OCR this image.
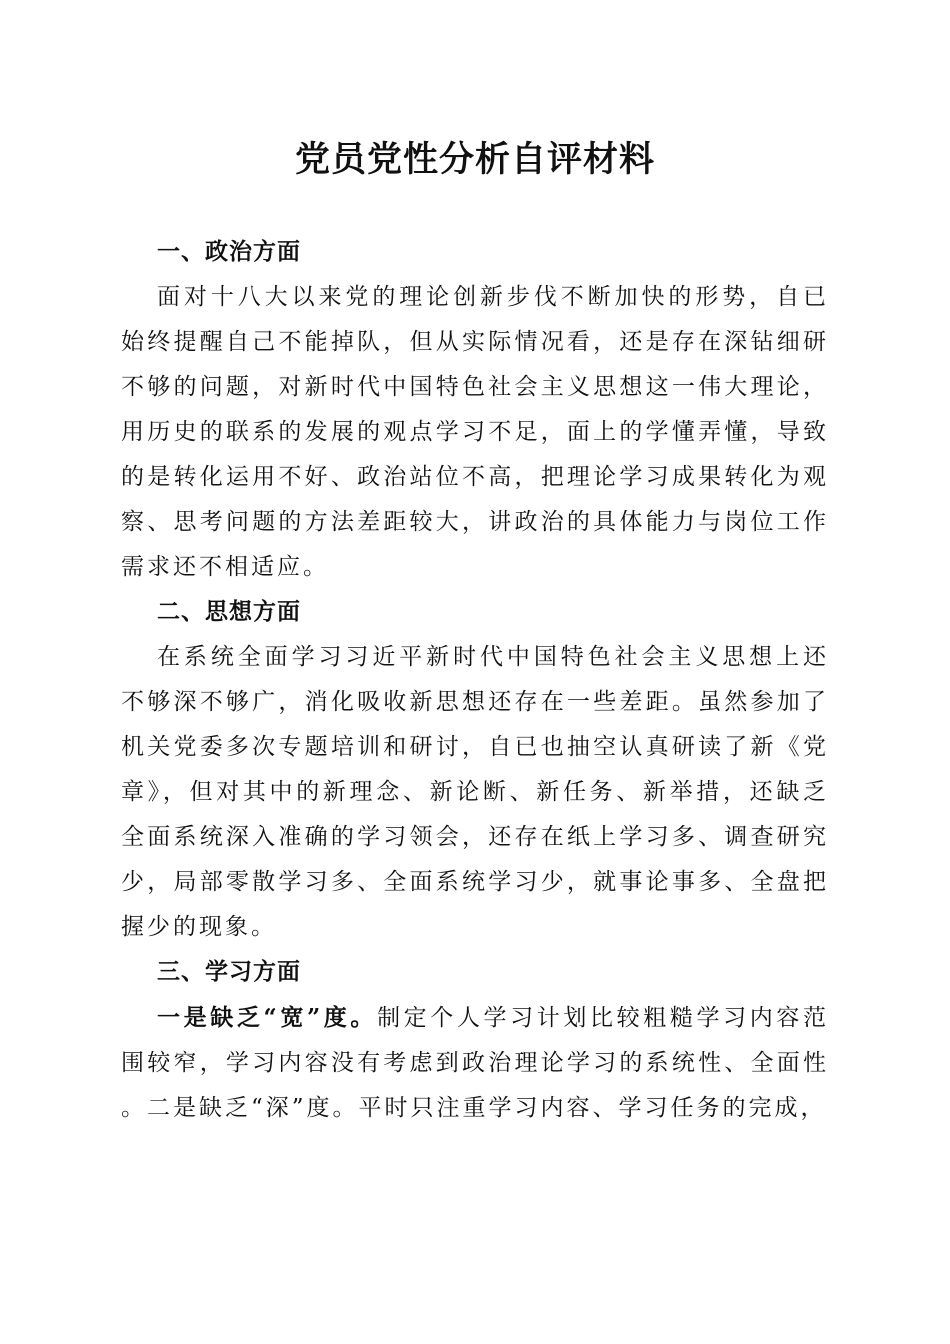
党员党性分析自评材料
一、政治方面

面对十八大以来党的理论创新步伐不断加快的形势，自已始终提醒自己不能掉队，但从实际情况看，还是存在深钻细研不够的问题，对新时代中国特色社会主义思想这一伟大理论，用历史的联系的发展的观点学习不足，面上的学懂弄懂，导致的是转化运用不好、政治站位不高，把理论学习成果转化为观察、思考问题的方法差距较大，讲政治的具体能力与岗位工作需求还不相适应。

二、思想方面

在系统全面学习习近平新时代中国特色社会主义思想上还不够深不够广，消化吸收新思想还存在一些差距。虽然参加了机关党委多次专题培训和研讨，自已也抽空认真研读了新《党章》，但对其中的新理念、新论断、新任务、新举措，还缺乏全面系统深入准确的学习领会，还存在纸上学习多、调查研究少，局部零散学习多、全面系统学习少，就事论事多、全盘把握少的现象。

三、学习方面

一是缺乏“宽”度。制定个人学习计划比较粗糙学习内容范围较窄，学习内容没有考虑到政治理论学习的系统性、全面性。二是缺乏“深”度。平时只注重学习内容、学习任务的完成，
